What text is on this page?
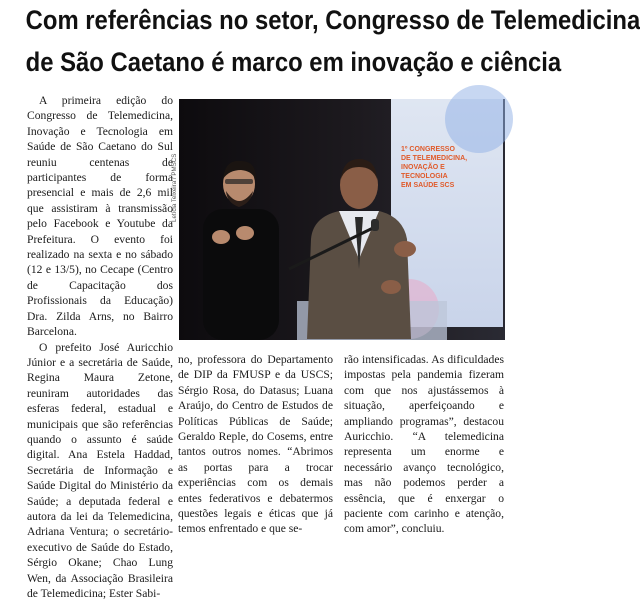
Com referências no setor, Congresso de Telemedicina
de São Caetano é marco em inovação e ciência

A primeira edição do Congresso de Telemedicina, Inovação e Tecnologia em Saúde de São Caetano do Sul reuniu centenas de participantes de forma presencial e mais de 2,6 mil que assistiram à transmissão pelo Facebook e Youtube da Prefeitura. O evento foi realizado na sexta e no sábado (12 e 13/5), no Cecape (Centro de Capacitação dos Profissionais da Educação) Dra. Zilda Arns, no Bairro Barcelona.

O prefeito José Auricchio Júnior e a secretária de Saúde, Regina Maura Zetone, reuniram autoridades das esferas federal, estadual e municipais que são referências quando o assunto é saúde digital. Ana Estela Haddad, Secretária de Informação e Saúde Digital do Ministério da Saúde; a deputada federal e autora da lei da Telemedicina, Adriana Ventura; o secretário-executivo de Saúde do Estado, Sérgio Okane; Chao Lung Wen, da Associação Brasileira de Telemedicina; Ester Sabi-

Letícia Teixeira / PMSCS
1º CONGRESSO
DE TELEMEDICINA,
INOVAÇÃO E
TECNOLOGIA
EM SAÚDE SCS

no, professora do Departamento de DIP da FMUSP e da USCS; Sérgio Rosa, do Datasus; Luana Araújo, do Centro de Estudos de Políticas Públicas de Saúde; Geraldo Reple, do Cosems, entre tantos outros nomes. “Abrimos as portas para a trocar experiências com os demais entes federativos e debatermos questões legais e éticas que já temos enfrentado e que se-

rão intensificadas. As dificuldades impostas pela pandemia fizeram com que nos ajustássemos à situação, aperfeiçoando e ampliando programas”, destacou Auricchio. “A telemedicina representa um enorme e necessário avanço tecnológico, mas não podemos perder a essência, que é enxergar o paciente com carinho e atenção, com amor”, concluiu.
